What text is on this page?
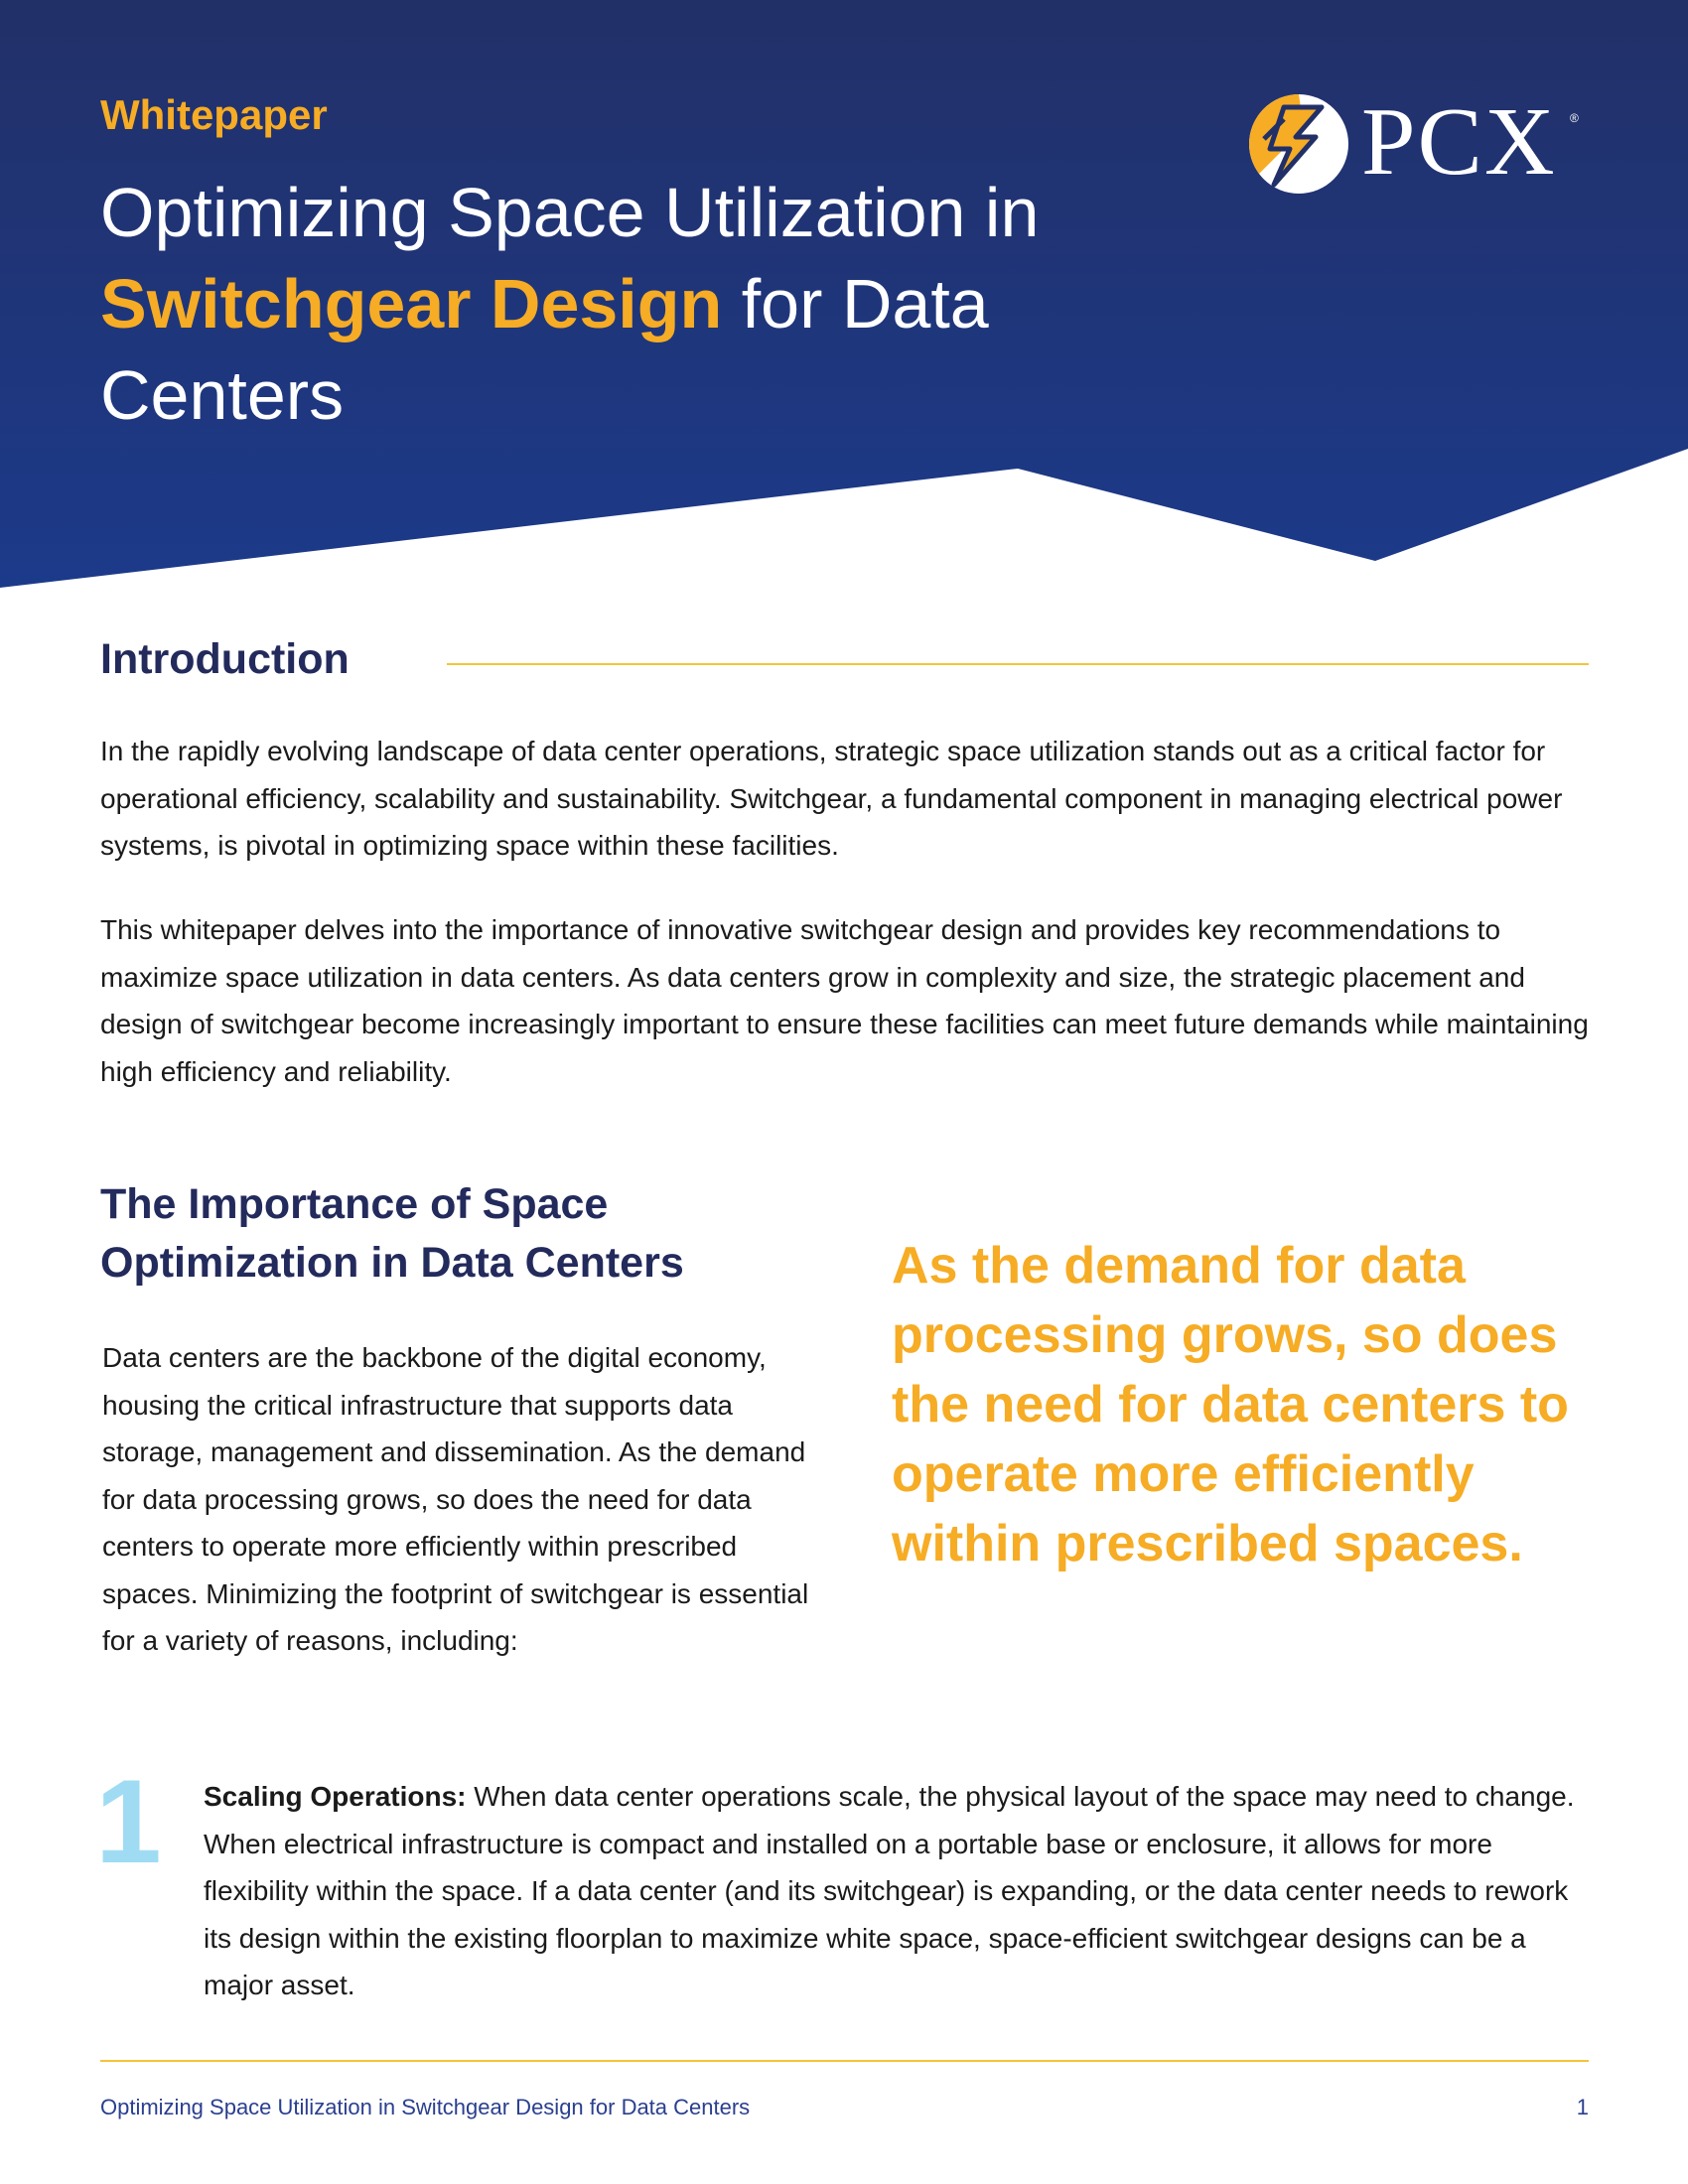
Whitepaper
Optimizing Space Utilization in Switchgear Design for Data Centers
PCX ®
Introduction

In the rapidly evolving landscape of data center operations, strategic space utilization stands out as a critical factor for operational efficiency, scalability and sustainability. Switchgear, a fundamental component in managing electrical power systems, is pivotal in optimizing space within these facilities.

This whitepaper delves into the importance of innovative switchgear design and provides key recommendations to maximize space utilization in data centers. As data centers grow in complexity and size, the strategic placement and design of switchgear become increasingly important to ensure these facilities can meet future demands while maintaining high efficiency and reliability.

The Importance of Space Optimization in Data Centers

Data centers are the backbone of the digital economy, housing the critical infrastructure that supports data storage, management and dissemination. As the demand for data processing grows, so does the need for data centers to operate more efficiently within prescribed spaces. Minimizing the footprint of switchgear is essential for a variety of reasons, including:

As the demand for data processing grows, so does the need for data centers to operate more efficiently within prescribed spaces.
1 Scaling Operations: When data center operations scale, the physical layout of the space may need to change. When electrical infrastructure is compact and installed on a portable base or enclosure, it allows for more flexibility within the space. If a data center (and its switchgear) is expanding, or the data center needs to rework its design within the existing floorplan to maximize white space, space-efficient switchgear designs can be a major asset.

Optimizing Space Utilization in Switchgear Design for Data Centers	1
